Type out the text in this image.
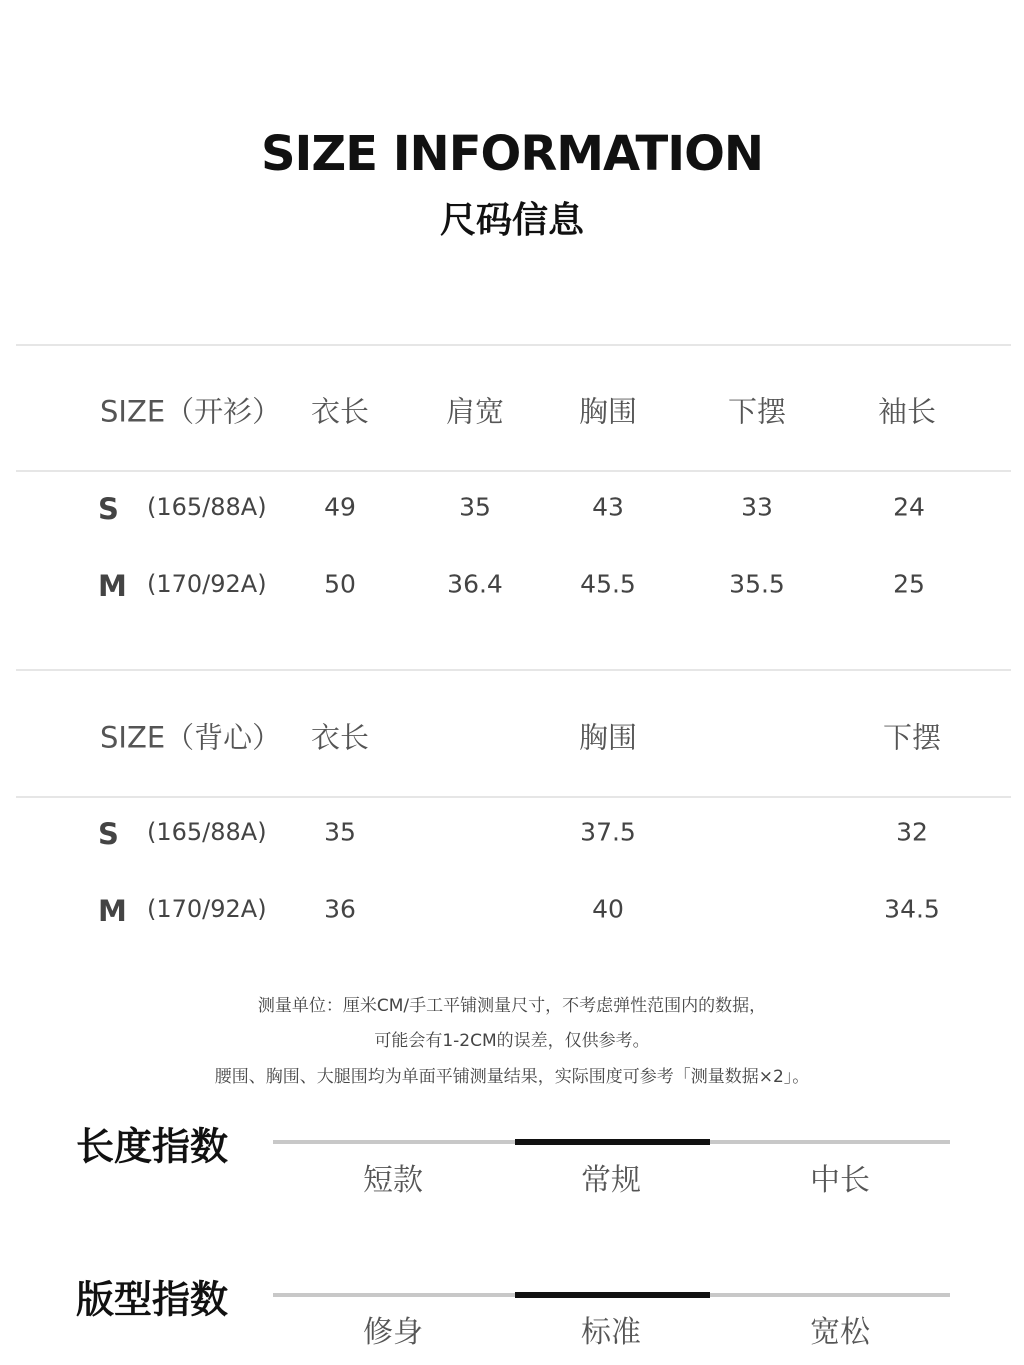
SIZE INFORMATION
尺码信息
SIZE（开衫） 衣长	肩宽	胸围	下摆	袖长
S (165/88A) 49	35	43	33	24
M (170/92A) 50	36.4	45.5	35.5	25
SIZE（背心） 衣长	胸围	下摆
S (165/88A) 35	37.5	32
M (170/92A) 36	40	34.5
测量单位：厘米CM/手工平铺测量尺寸，不考虑弹性范围内的数据，
可能会有1-2CM的误差，仅供参考。
腰围、胸围、大腿围均为单面平铺测量结果，实际围度可参考「测量数据×2」。
长度指数
短款	常规	中长
版型指数
修身	标准	宽松
